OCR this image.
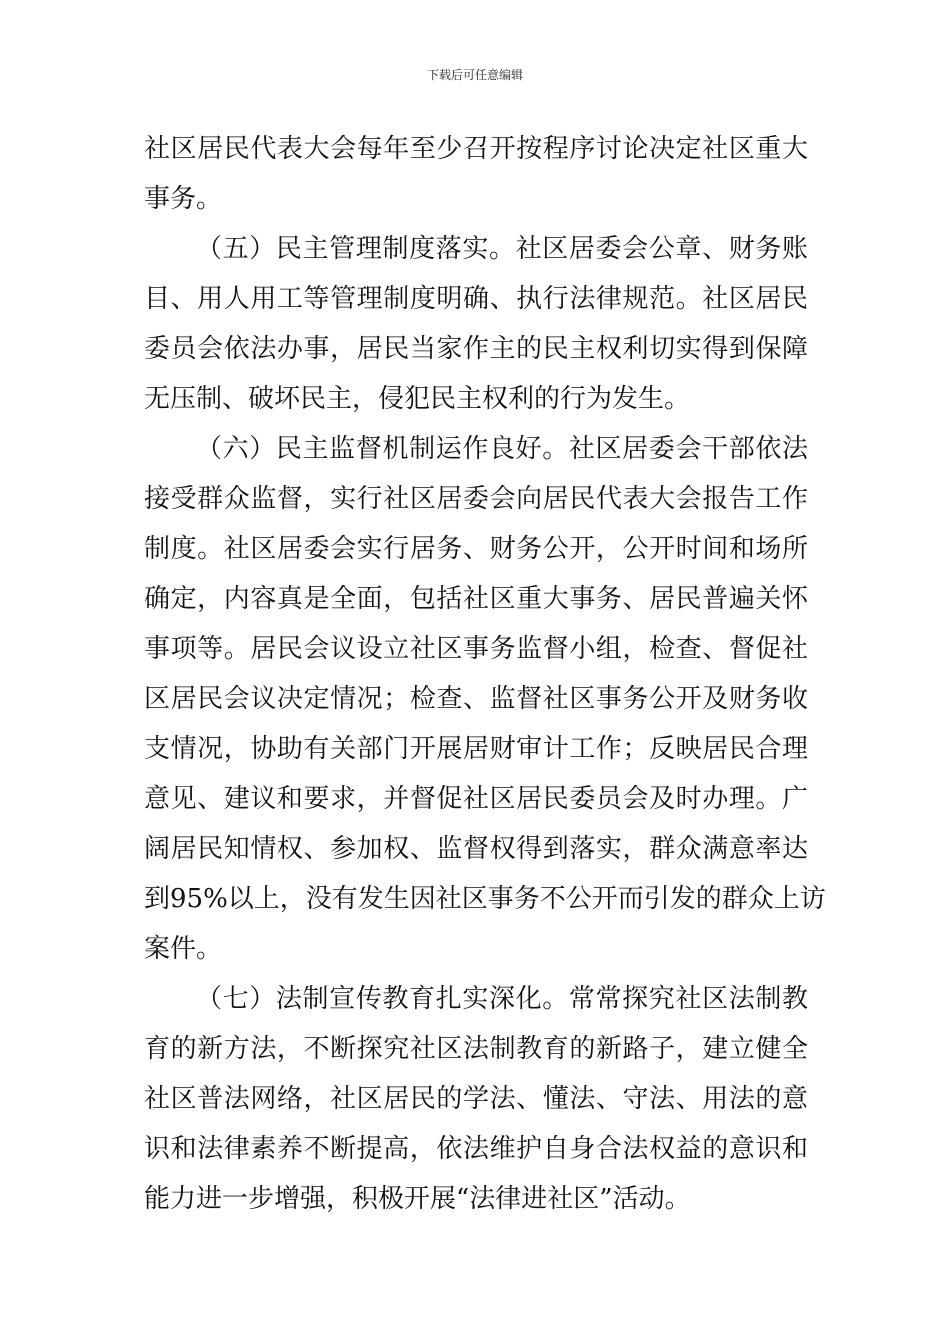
下载后可任意编辑
社区居民代表大会每年至少召开按程序讨论决定社区重大
事务。
（五）民主管理制度落实。社区居委会公章、财务账
目、用人用工等管理制度明确、执行法律规范。社区居民
委员会依法办事，居民当家作主的民主权利切实得到保障
无压制、破坏民主，侵犯民主权利的行为发生。
（六）民主监督机制运作良好。社区居委会干部依法
接受群众监督，实行社区居委会向居民代表大会报告工作
制度。社区居委会实行居务、财务公开，公开时间和场所
确定，内容真是全面，包括社区重大事务、居民普遍关怀
事项等。居民会议设立社区事务监督小组，检查、督促社
区居民会议决定情况；检查、监督社区事务公开及财务收
支情况，协助有关部门开展居财审计工作；反映居民合理
意见、建议和要求，并督促社区居民委员会及时办理。广
阔居民知情权、参加权、监督权得到落实，群众满意率达
到95%以上，没有发生因社区事务不公开而引发的群众上访
案件。
（七）法制宣传教育扎实深化。常常探究社区法制教
育的新方法，不断探究社区法制教育的新路子，建立健全
社区普法网络，社区居民的学法、懂法、守法、用法的意
识和法律素养不断提高，依法维护自身合法权益的意识和
能力进一步增强，积极开展“法律进社区”活动。
